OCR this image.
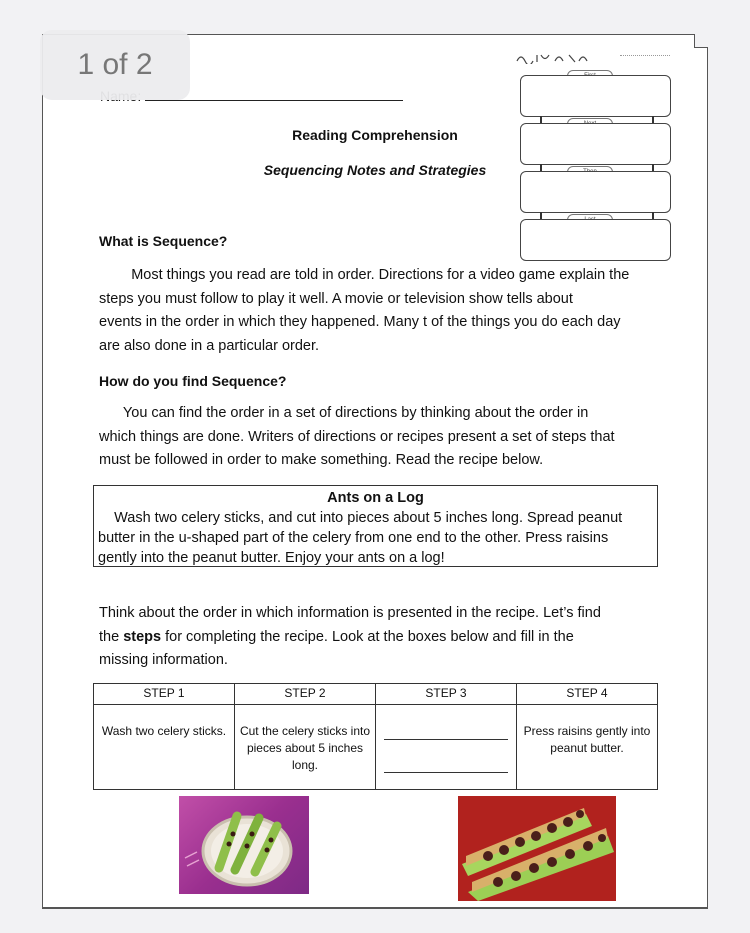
1 of 2
Reading Comprehension
Sequencing Notes and Strategies
What is Sequence?
Most things you read are told in order. Directions for a video game explain the
steps you must follow to play it well. A movie or television show tells about
events in the order in which they happened. Many t of the things you do each day
are also done in a particular order.
How do you find Sequence?
You can find the order in a set of directions by thinking about the order in
which things are done. Writers of directions or recipes present a set of steps that
must be followed in order to make something. Read the recipe below.
Ants on a Log
Wash two celery sticks, and cut into pieces about 5 inches long. Spread peanut
butter in the u-shaped part of the celery from one end to the other. Press raisins
gently into the peanut butter. Enjoy your ants on a log!
Think about the order in which information is presented in the recipe. Let’s find
the steps for completing the recipe. Look at the boxes below and fill in the
missing information.
STEP 1	STEP 2	STEP 3	STEP 4
Wash two celery sticks.	Cut the celery sticks into pieces about 5 inches long.		Press raisins gently into peanut butter.
